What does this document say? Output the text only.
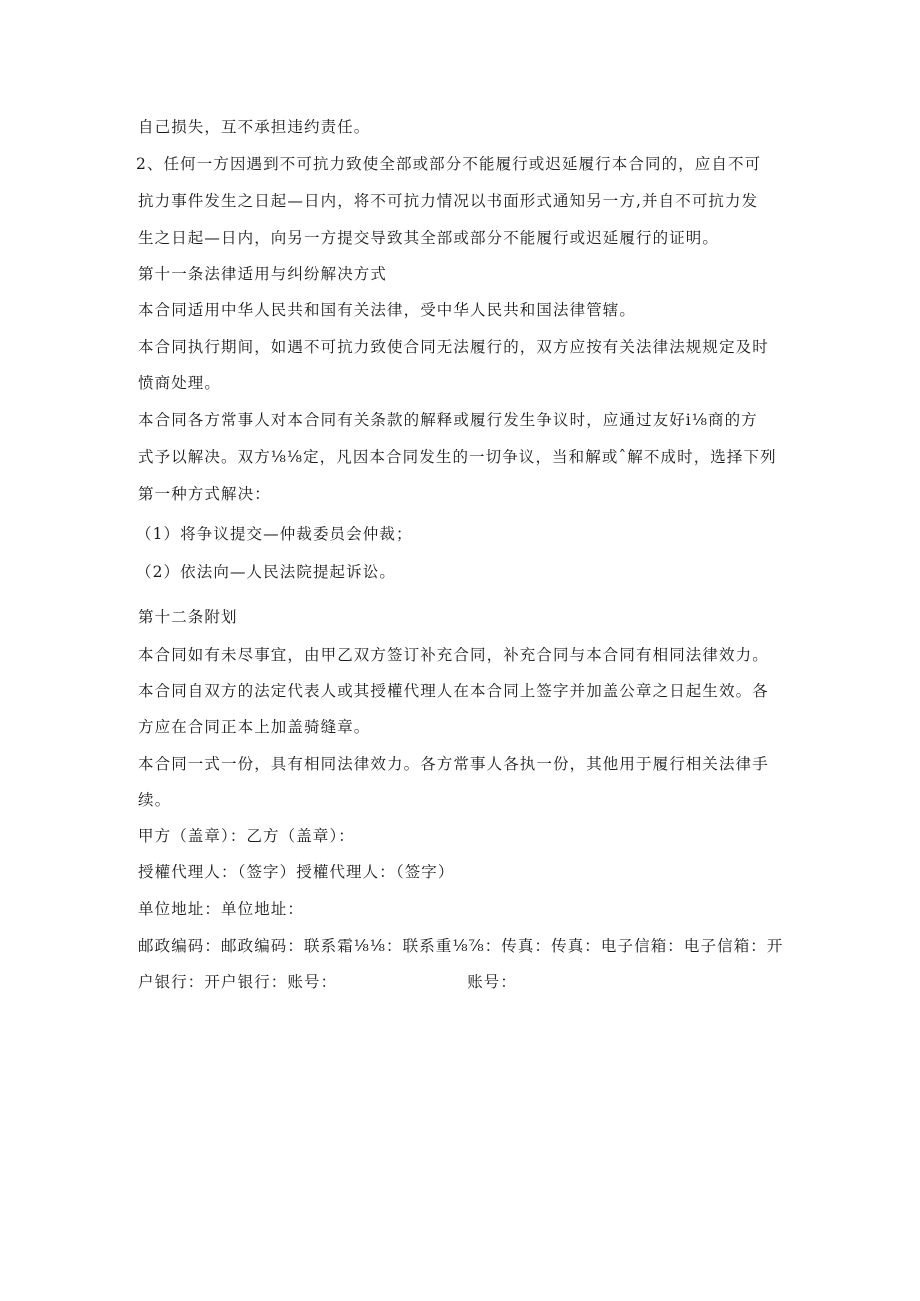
自己损失，互不承担违约责任。
2、任何一方因遇到不可抗力致使全部或部分不能履行或迟延履行本合同的，应自不可
抗力事件发生之日起—日内，将不可抗力情况以书面形式通知另一方,并自不可抗力发
生之日起—日内，向另一方提交导致其全部或部分不能履行或迟延履行的证明。
第十一条法律适用与纠纷解决方式
本合同适用中华人民共和国有关法律，受中华人民共和国法律管辖。
本合同执行期间，如遇不可抗力致使合同无法履行的，双方应按有关法律法规规定及时
愤商处理。
本合同各方常事人对本合同有关条款的解释或履行发生争议时，应通过友好i⅛商的方
式予以解决。双方⅛⅛定，凡因本合同发生的一切争议，当和解或ˆ解不成时，选择下列
第一种方式解决：
（1）将争议提交—仲裁委员会仲裁；
（2）依法向—人民法院提起诉讼。
第十二条附划
本合同如有未尽事宜，由甲乙双方签订补充合同，补充合同与本合同有相同法律效力。
本合同自双方的法定代表人或其授權代理人在本合同上签字并加盖公章之日起生效。各
方应在合同正本上加盖骑缝章。
本合同一式一份，具有相同法律效力。各方常事人各执一份，其他用于履行相关法律手
续。
甲方（盖章）：乙方（盖章）：
授權代理人：（签字）授權代理人：（签字）
单位地址：单位地址：
邮政编码：邮政编码：联系霜⅛⅛：联系重⅛⅞：传真：传真：电子信箱：电子信箱：开
户银行：开户银行：账号：	账号：
